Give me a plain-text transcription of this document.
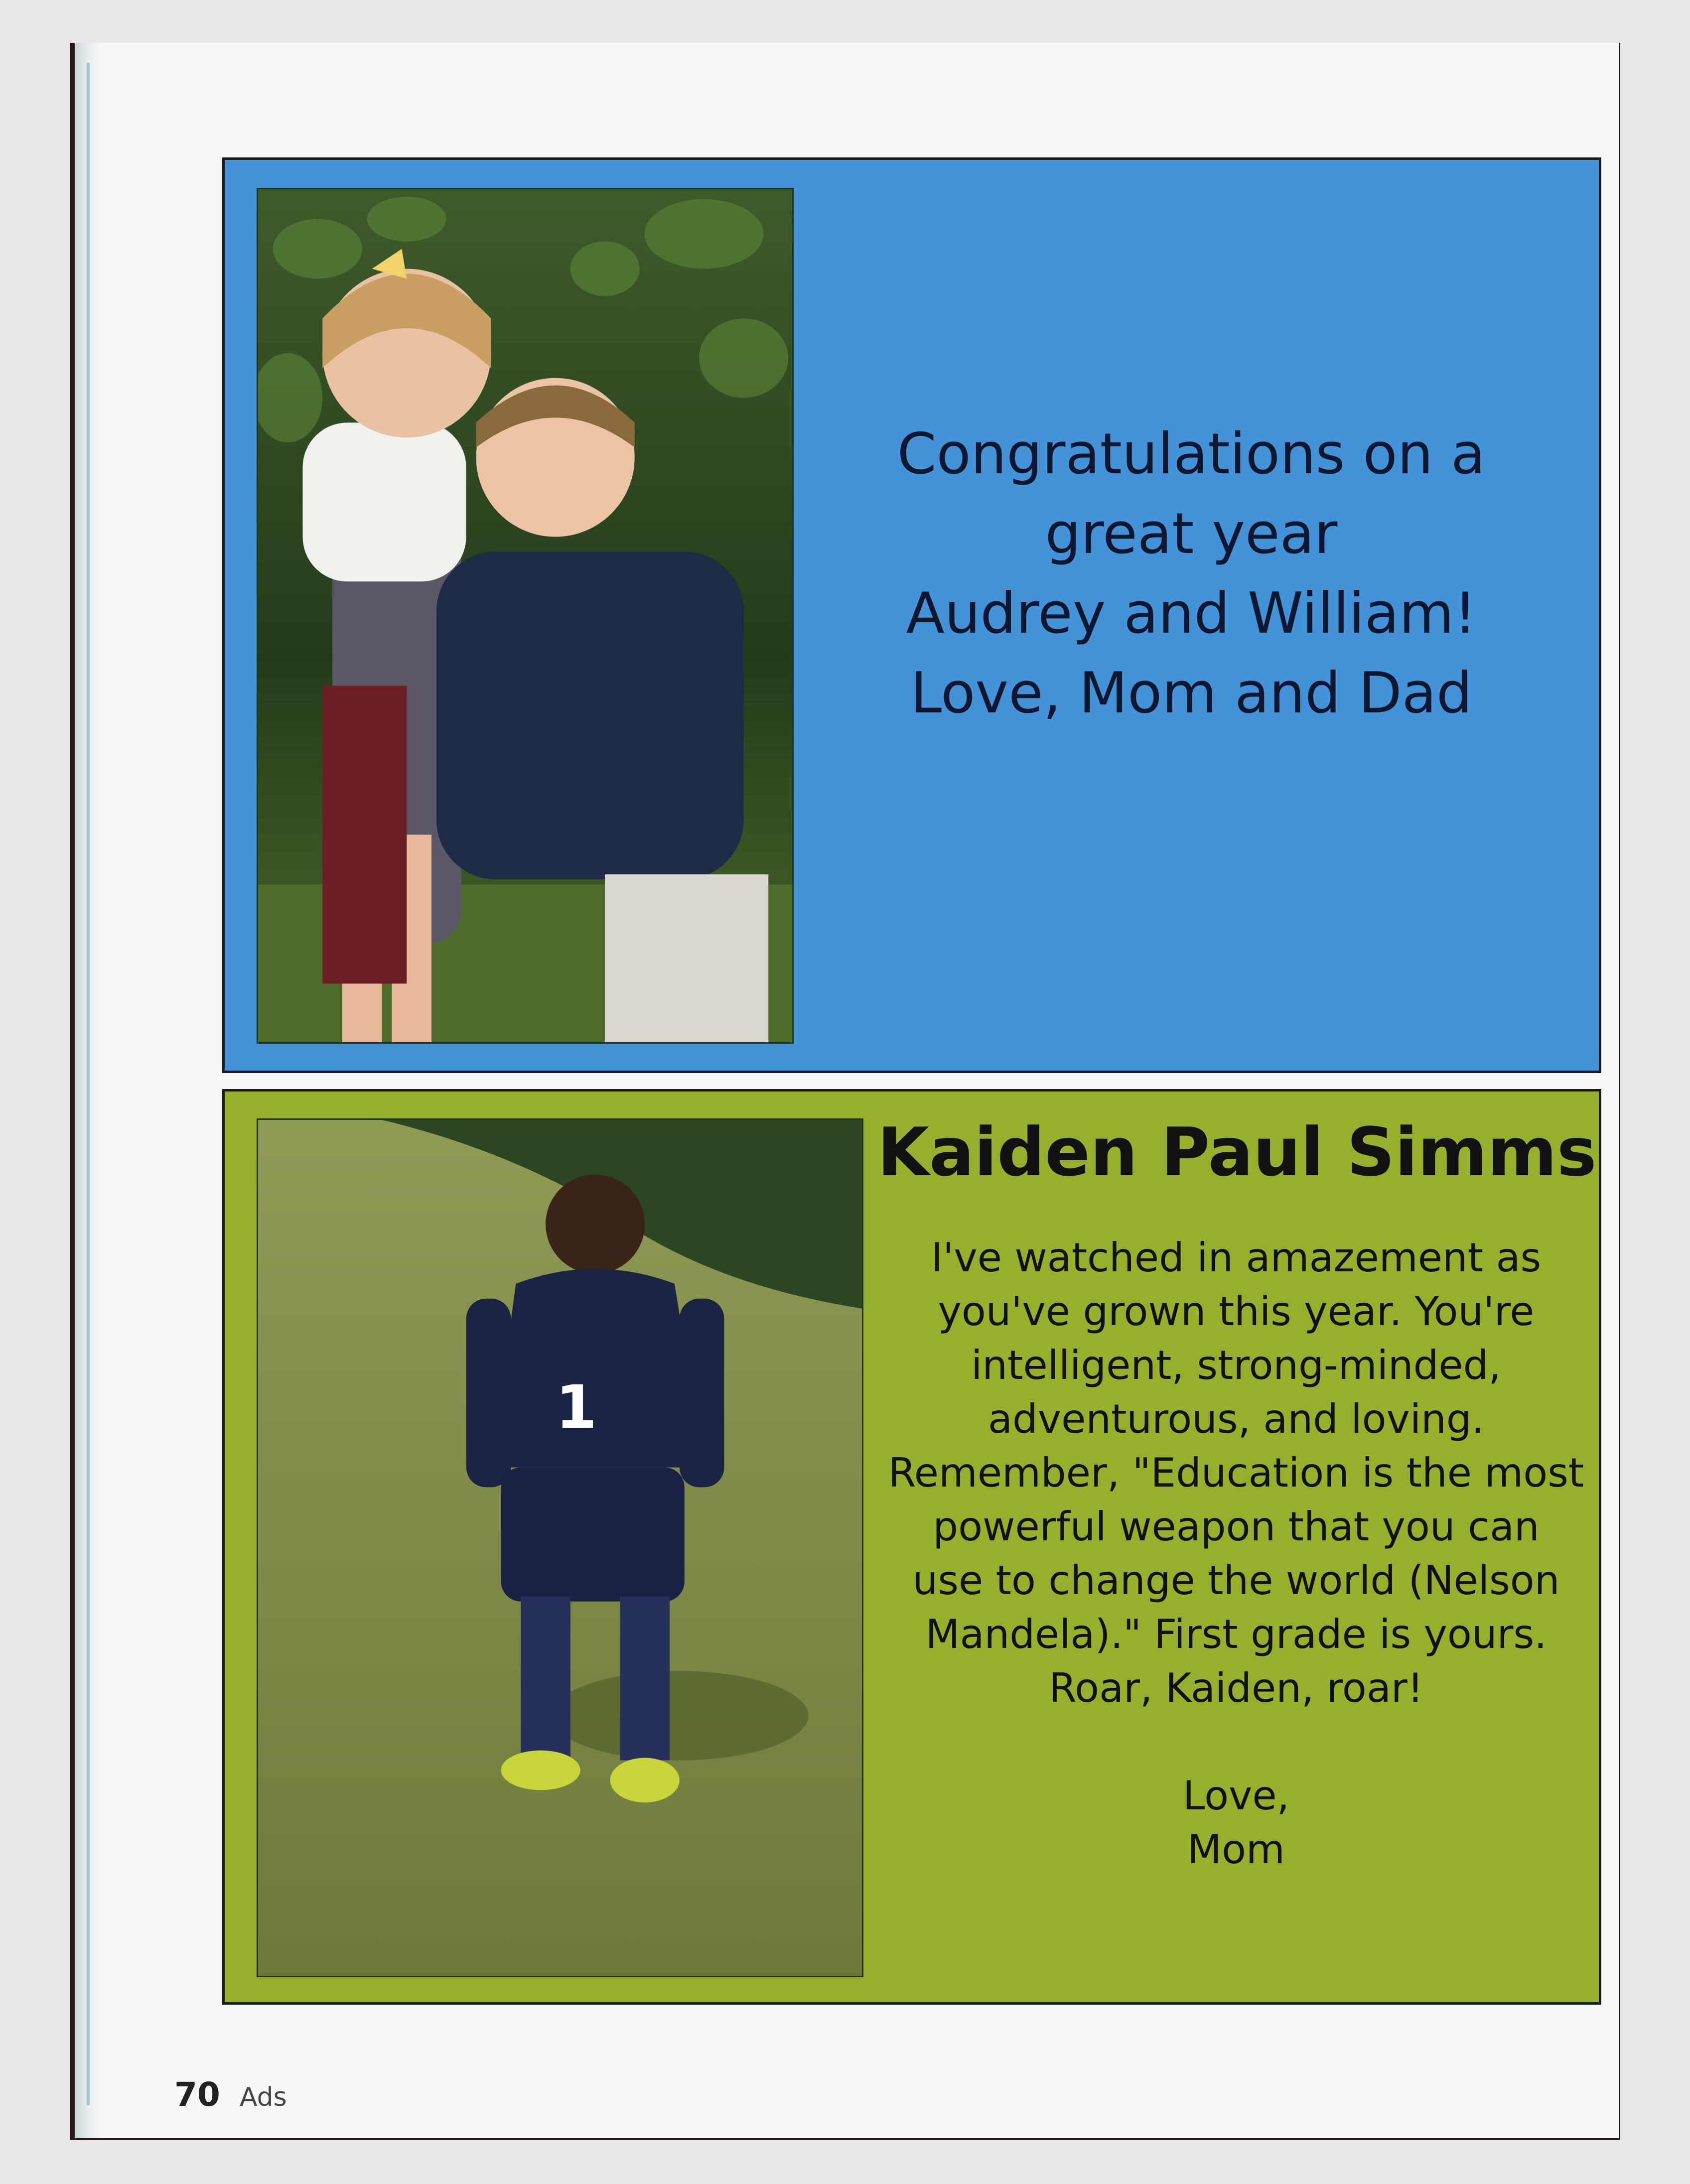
Congratulations on a
great year
Audrey and William!
Love, Mom and Dad
1
Kaiden Paul Simms
I've watched in amazement as
you've grown this year. You're
intelligent, strong-minded,
adventurous, and loving.
Remember, "Education is the most
powerful weapon that you can
use to change the world (Nelson
Mandela)." First grade is yours.
Roar, Kaiden, roar!
Love,
Mom
70 Ads
